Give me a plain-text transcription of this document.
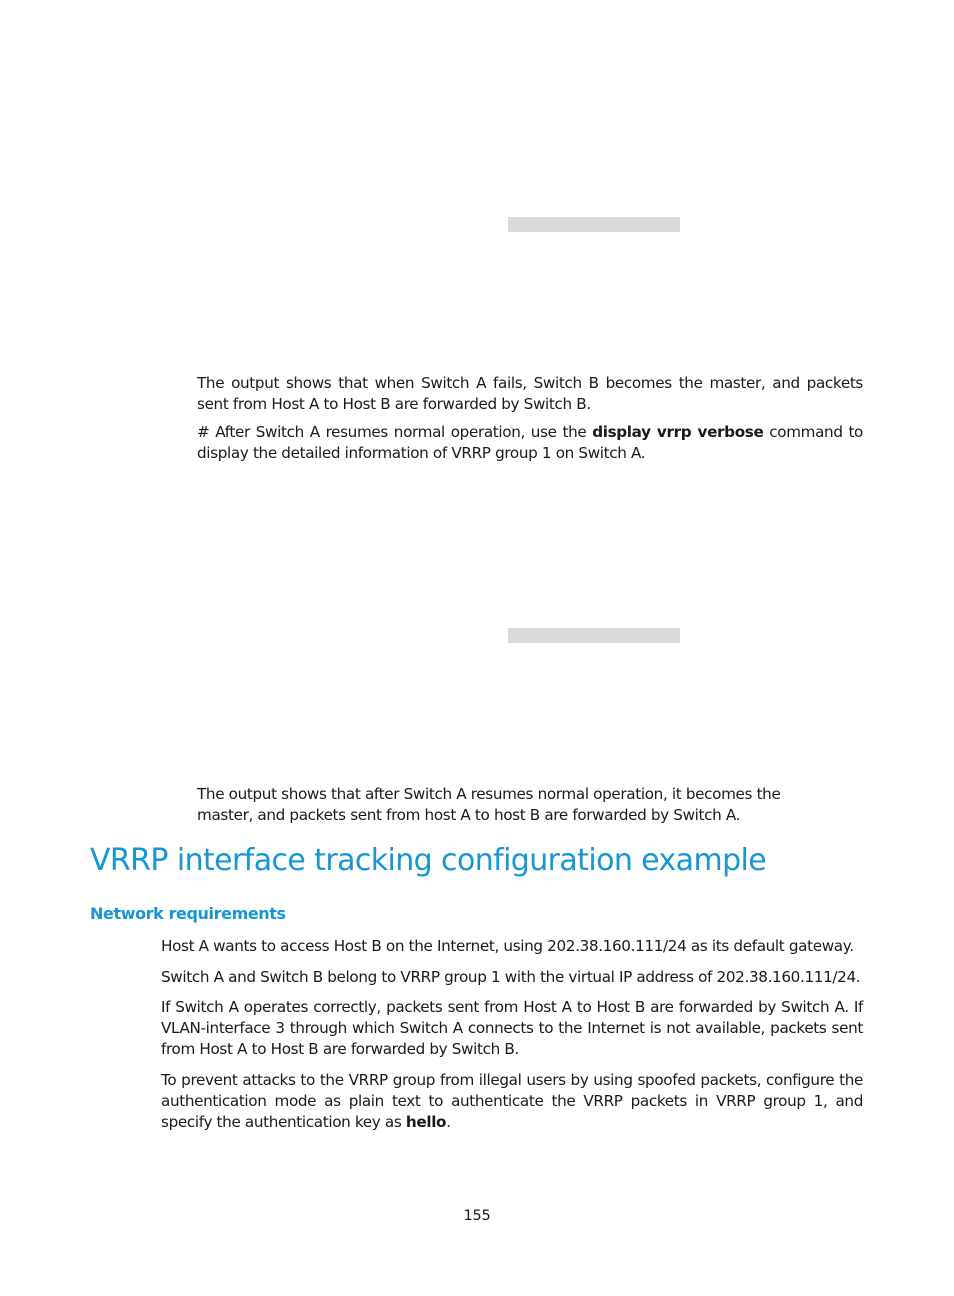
The output shows that when Switch A fails, Switch B becomes the master, and packets sent from Host A to Host B are forwarded by Switch B.

# After Switch A resumes normal operation, use the display vrrp verbose command to display the detailed information of VRRP group 1 on Switch A.

The output shows that after Switch A resumes normal operation, it becomes the master, and packets sent from host A to host B are forwarded by Switch A.

VRRP interface tracking configuration example
Network requirements

Host A wants to access Host B on the Internet, using 202.38.160.111/24 as its default gateway.

Switch A and Switch B belong to VRRP group 1 with the virtual IP address of 202.38.160.111/24.

If Switch A operates correctly, packets sent from Host A to Host B are forwarded by Switch A. If VLAN-interface 3 through which Switch A connects to the Internet is not available, packets sent from Host A to Host B are forwarded by Switch B.

To prevent attacks to the VRRP group from illegal users by using spoofed packets, configure the authentication mode as plain text to authenticate the VRRP packets in VRRP group 1, and specify the authentication key as hello.

155
